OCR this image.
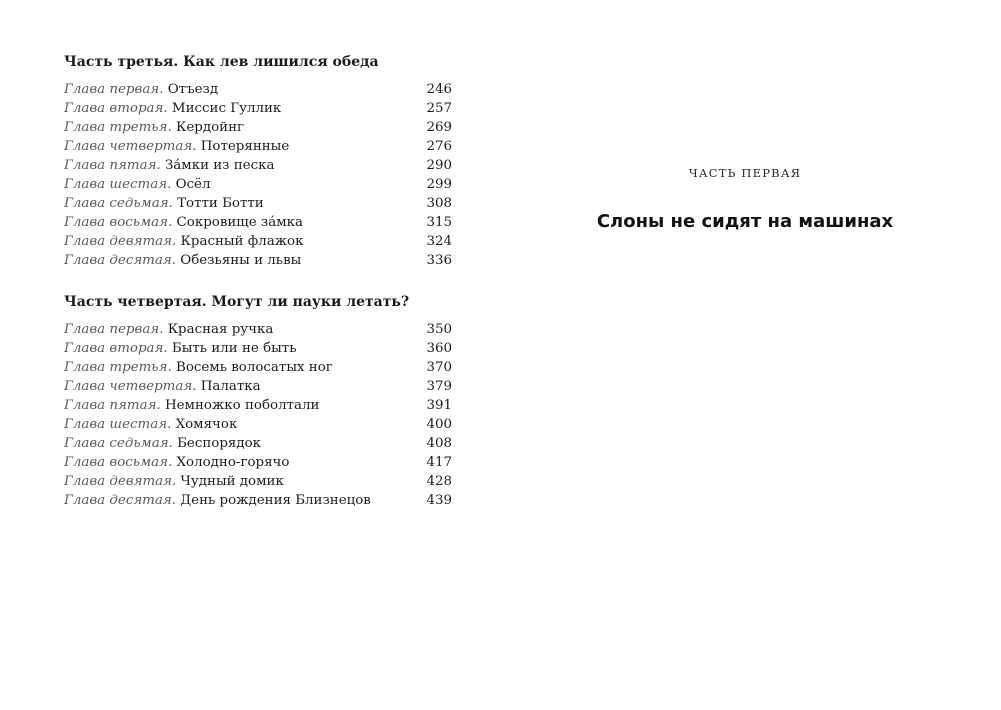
Часть третья. Как лев лишился обеда
Глава первая. Отъезд	246
Глава вторая. Миссис Гуллик	257
Глава третья. Кердойнг	269
Глава четвертая. Потерянные	276
Глава пятая. За́мки из песка	290
Глава шестая. Осёл	299
Глава седьмая. Тотти Ботти	308
Глава восьмая. Сокровище за́мка	315
Глава девятая. Красный флажок	324
Глава десятая. Обезьяны и львы	336
Часть четвертая. Могут ли пауки летать?
Глава первая. Красная ручка	350
Глава вторая. Быть или не быть	360
Глава третья. Восемь волосатых ног	370
Глава четвертая. Палатка	379
Глава пятая. Немножко поболтали	391
Глава шестая. Хомячок	400
Глава седьмая. Беспорядок	408
Глава восьмая. Холодно-горячо	417
Глава девятая. Чудный домик	428
Глава десятая. День рождения Близнецов	439
ЧАСТЬ ПЕРВАЯ
Слоны не сидят на машинах
